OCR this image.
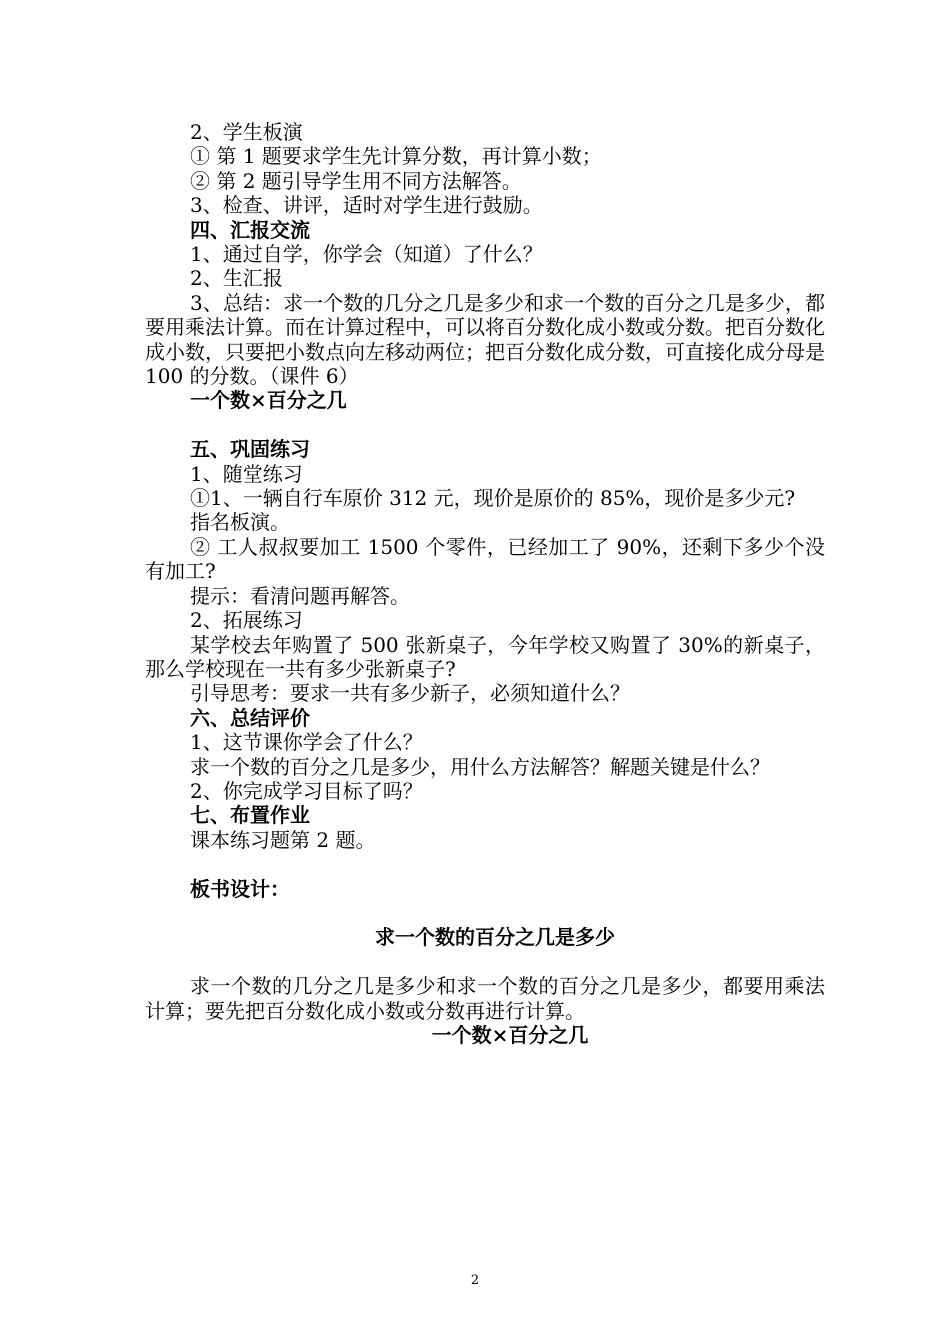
2、学生板演
① 第 1 题要求学生先计算分数，再计算小数；
② 第 2 题引导学生用不同方法解答。
3、检查、讲评，适时对学生进行鼓励。
四、汇报交流
1、通过自学，你学会（知道）了什么？
2、生汇报
3、总结：求一个数的几分之几是多少和求一个数的百分之几是多少，都要用乘法计算。而在计算过程中，可以将百分数化成小数或分数。把百分数化成小数，只要把小数点向左移动两位；把百分数化成分数，可直接化成分母是 100 的分数。（课件 6）
一个数×百分之几
五、巩固练习
1、随堂练习
①1、一辆自行车原价 312 元，现价是原价的 85%，现价是多少元?
指名板演。
② 工人叔叔要加工 1500 个零件，已经加工了 90%，还剩下多少个没有加工?
提示：看清问题再解答。
2、拓展练习
某学校去年购置了 500 张新桌子，今年学校又购置了 30%的新桌子，那么学校现在一共有多少张新桌子?
引导思考：要求一共有多少新子，必须知道什么？
六、总结评价
1、这节课你学会了什么？
求一个数的百分之几是多少，用什么方法解答？解题关键是什么？
2、你完成学习目标了吗？
七、布置作业
课本练习题第 2 题。
板书设计：
求一个数的百分之几是多少
求一个数的几分之几是多少和求一个数的百分之几是多少，都要用乘法计算；要先把百分数化成小数或分数再进行计算。
一个数×百分之几
2
